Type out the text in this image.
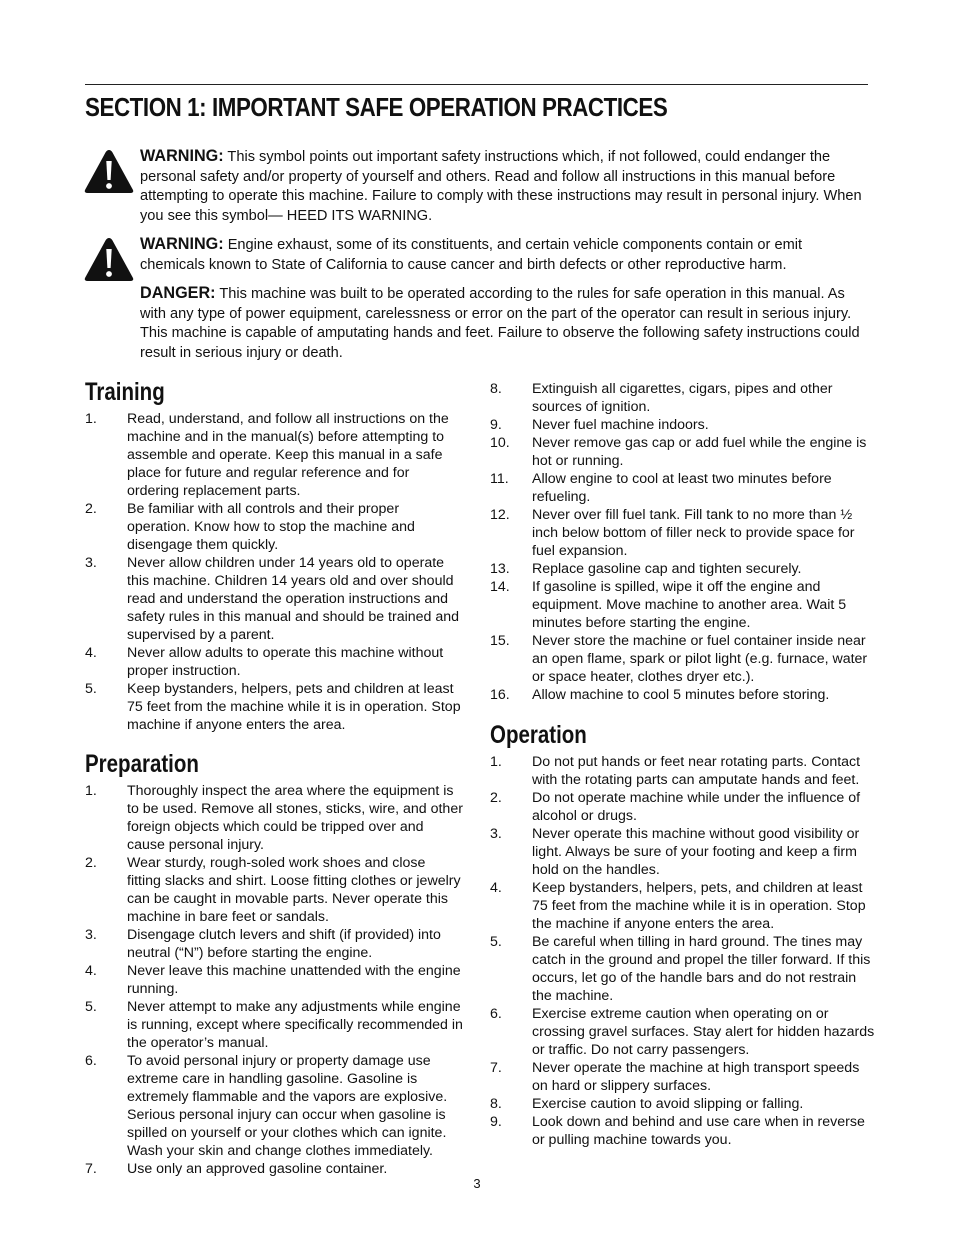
SECTION 1: IMPORTANT SAFE OPERATION PRACTICES

WARNING: This symbol points out important safety instructions which, if not followed, could endanger the personal safety and/or property of yourself and others. Read and follow all instructions in this manual before attempting to operate this machine. Failure to comply with these instructions may result in personal injury. When you see this symbol— HEED ITS WARNING.

WARNING: Engine exhaust, some of its constituents, and certain vehicle components contain or emit chemicals known to State of California to cause cancer and birth defects or other reproductive harm.

DANGER: This machine was built to be operated according to the rules for safe operation in this manual. As with any type of power equipment, carelessness or error on the part of the operator can result in serious injury. This machine is capable of amputating hands and feet. Failure to observe the following safety instructions could result in serious injury or death.

Training
1.	Read, understand, and follow all instructions on the machine and in the manual(s) before attempting to assemble and operate. Keep this manual in a safe place for future and regular reference and for ordering replacement parts.
2.	Be familiar with all controls and their proper operation. Know how to stop the machine and disengage them quickly.
3.	Never allow children under 14 years old to operate this machine. Children 14 years old and over should read and understand the operation instructions and safety rules in this manual and should be trained and supervised by a parent.
4.	Never allow adults to operate this machine without proper instruction.
5.	Keep bystanders, helpers, pets and children at least 75 feet from the machine while it is in operation. Stop machine if anyone enters the area.
Preparation
1.	Thoroughly inspect the area where the equipment is to be used. Remove all stones, sticks, wire, and other foreign objects which could be tripped over and cause personal injury.
2.	Wear sturdy, rough-soled work shoes and close fitting slacks and shirt. Loose fitting clothes or jewelry can be caught in movable parts. Never operate this machine in bare feet or sandals.
3.	Disengage clutch levers and shift (if provided) into neutral (“N”) before starting the engine.
4.	Never leave this machine unattended with the engine running.
5.	Never attempt to make any adjustments while engine is running, except where specifically recommended in the operator’s manual.
6.	To avoid personal injury or property damage use extreme care in handling gasoline. Gasoline is extremely flammable and the vapors are explosive. Serious personal injury can occur when gasoline is spilled on yourself or your clothes which can ignite. Wash your skin and change clothes immediately.
7.	Use only an approved gasoline container.
8.	Extinguish all cigarettes, cigars, pipes and other sources of ignition.
9.	Never fuel machine indoors.
10.	Never remove gas cap or add fuel while the engine is hot or running.
11.	Allow engine to cool at least two minutes before refueling.
12.	Never over fill fuel tank. Fill tank to no more than ½ inch below bottom of filler neck to provide space for fuel expansion.
13.	Replace gasoline cap and tighten securely.
14.	If gasoline is spilled, wipe it off the engine and equipment. Move machine to another area. Wait 5 minutes before starting the engine.
15.	Never store the machine or fuel container inside near an open flame, spark or pilot light (e.g. furnace, water or space heater, clothes dryer etc.).
16.	Allow machine to cool 5 minutes before storing.
Operation
1.	Do not put hands or feet near rotating parts. Contact with the rotating parts can amputate hands and feet.
2.	Do not operate machine while under the influence of alcohol or drugs.
3.	Never operate this machine without good visibility or light. Always be sure of your footing and keep a firm hold on the handles.
4.	Keep bystanders, helpers, pets, and children at least 75 feet from the machine while it is in operation. Stop the machine if anyone enters the area.
5.	Be careful when tilling in hard ground. The tines may catch in the ground and propel the tiller forward. If this occurs, let go of the handle bars and do not restrain the machine.
6.	Exercise extreme caution when operating on or crossing gravel surfaces. Stay alert for hidden hazards or traffic. Do not carry passengers.
7.	Never operate the machine at high transport speeds on hard or slippery surfaces.
8.	Exercise caution to avoid slipping or falling.
9.	Look down and behind and use care when in reverse or pulling machine towards you.
3
